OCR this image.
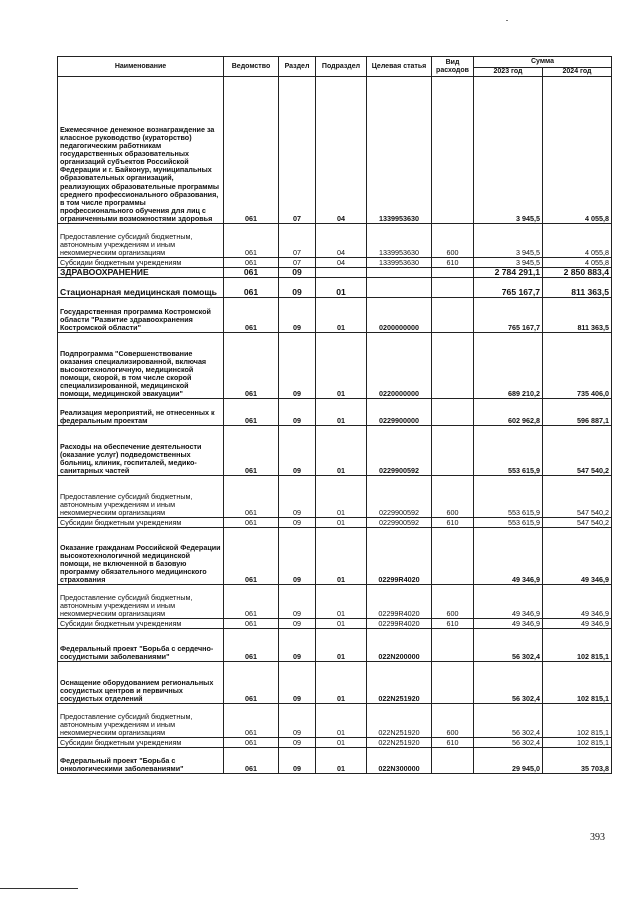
Наименование	Ведомство	Раздел	Подраздел	Целевая статья	Вид расходов	Сумма	
						2023 год	2024 год
Ежемесячное денежное вознаграждение за классное руководство (кураторство) педагогическим работникам государственных образовательных организаций субъектов Российской Федерации и г. Байконур, муниципальных образовательных организаций, реализующих образовательные программы среднего профессионального образования, в том числе программы профессионального обучения для лиц с ограниченными возможностями здоровья	061	07	04	1339953630		3 945,5	4 055,8
Предоставление субсидий бюджетным, автономным учреждениям и иным некоммерческим организациям	061	07	04	1339953630	600	3 945,5	4 055,8
Субсидии бюджетным учреждениям	061	07	04	1339953630	610	3 945,5	4 055,8
ЗДРАВООХРАНЕНИЕ	061	09				2 784 291,1	2 850 883,4
Стационарная медицинская помощь	061	09	01			765 167,7	811 363,5
Государственная программа Костромской области "Развитие здравоохранения Костромской области"	061	09	01	0200000000		765 167,7	811 363,5
Подпрограмма "Совершенствование оказания специализированной, включая высокотехнологичную, медицинской помощи, скорой, в том числе скорой специализированной, медицинской помощи, медицинской эвакуации"	061	09	01	0220000000		689 210,2	735 406,0
Реализация мероприятий, не отнесенных к федеральным проектам	061	09	01	0229900000		602 962,8	596 887,1
Расходы на обеспечение деятельности (оказание услуг) подведомственных больниц, клиник, госпиталей, медико-санитарных частей	061	09	01	0229900592		553 615,9	547 540,2
Предоставление субсидий бюджетным, автономным учреждениям и иным некоммерческим организациям	061	09	01	0229900592	600	553 615,9	547 540,2
Субсидии бюджетным учреждениям	061	09	01	0229900592	610	553 615,9	547 540,2
Оказание гражданам Российской Федерации высокотехнологичной медицинской помощи, не включенной в базовую программу обязательного медицинского страхования	061	09	01	02299R4020		49 346,9	49 346,9
Предоставление субсидий бюджетным, автономным учреждениям и иным некоммерческим организациям	061	09	01	02299R4020	600	49 346,9	49 346,9
Субсидии бюджетным учреждениям	061	09	01	02299R4020	610	49 346,9	49 346,9
Федеральный проект "Борьба с сердечно-сосудистыми заболеваниями"	061	09	01	022N200000		56 302,4	102 815,1
Оснащение оборудованием региональных сосудистых центров и первичных сосудистых отделений	061	09	01	022N251920		56 302,4	102 815,1
Предоставление субсидий бюджетным, автономным учреждениям и иным некоммерческим организациям	061	09	01	022N251920	600	56 302,4	102 815,1
Субсидии бюджетным учреждениям	061	09	01	022N251920	610	56 302,4	102 815,1
Федеральный проект "Борьба с онкологическими заболеваниями"	061	09	01	022N300000		29 945,0	35 703,8
393
